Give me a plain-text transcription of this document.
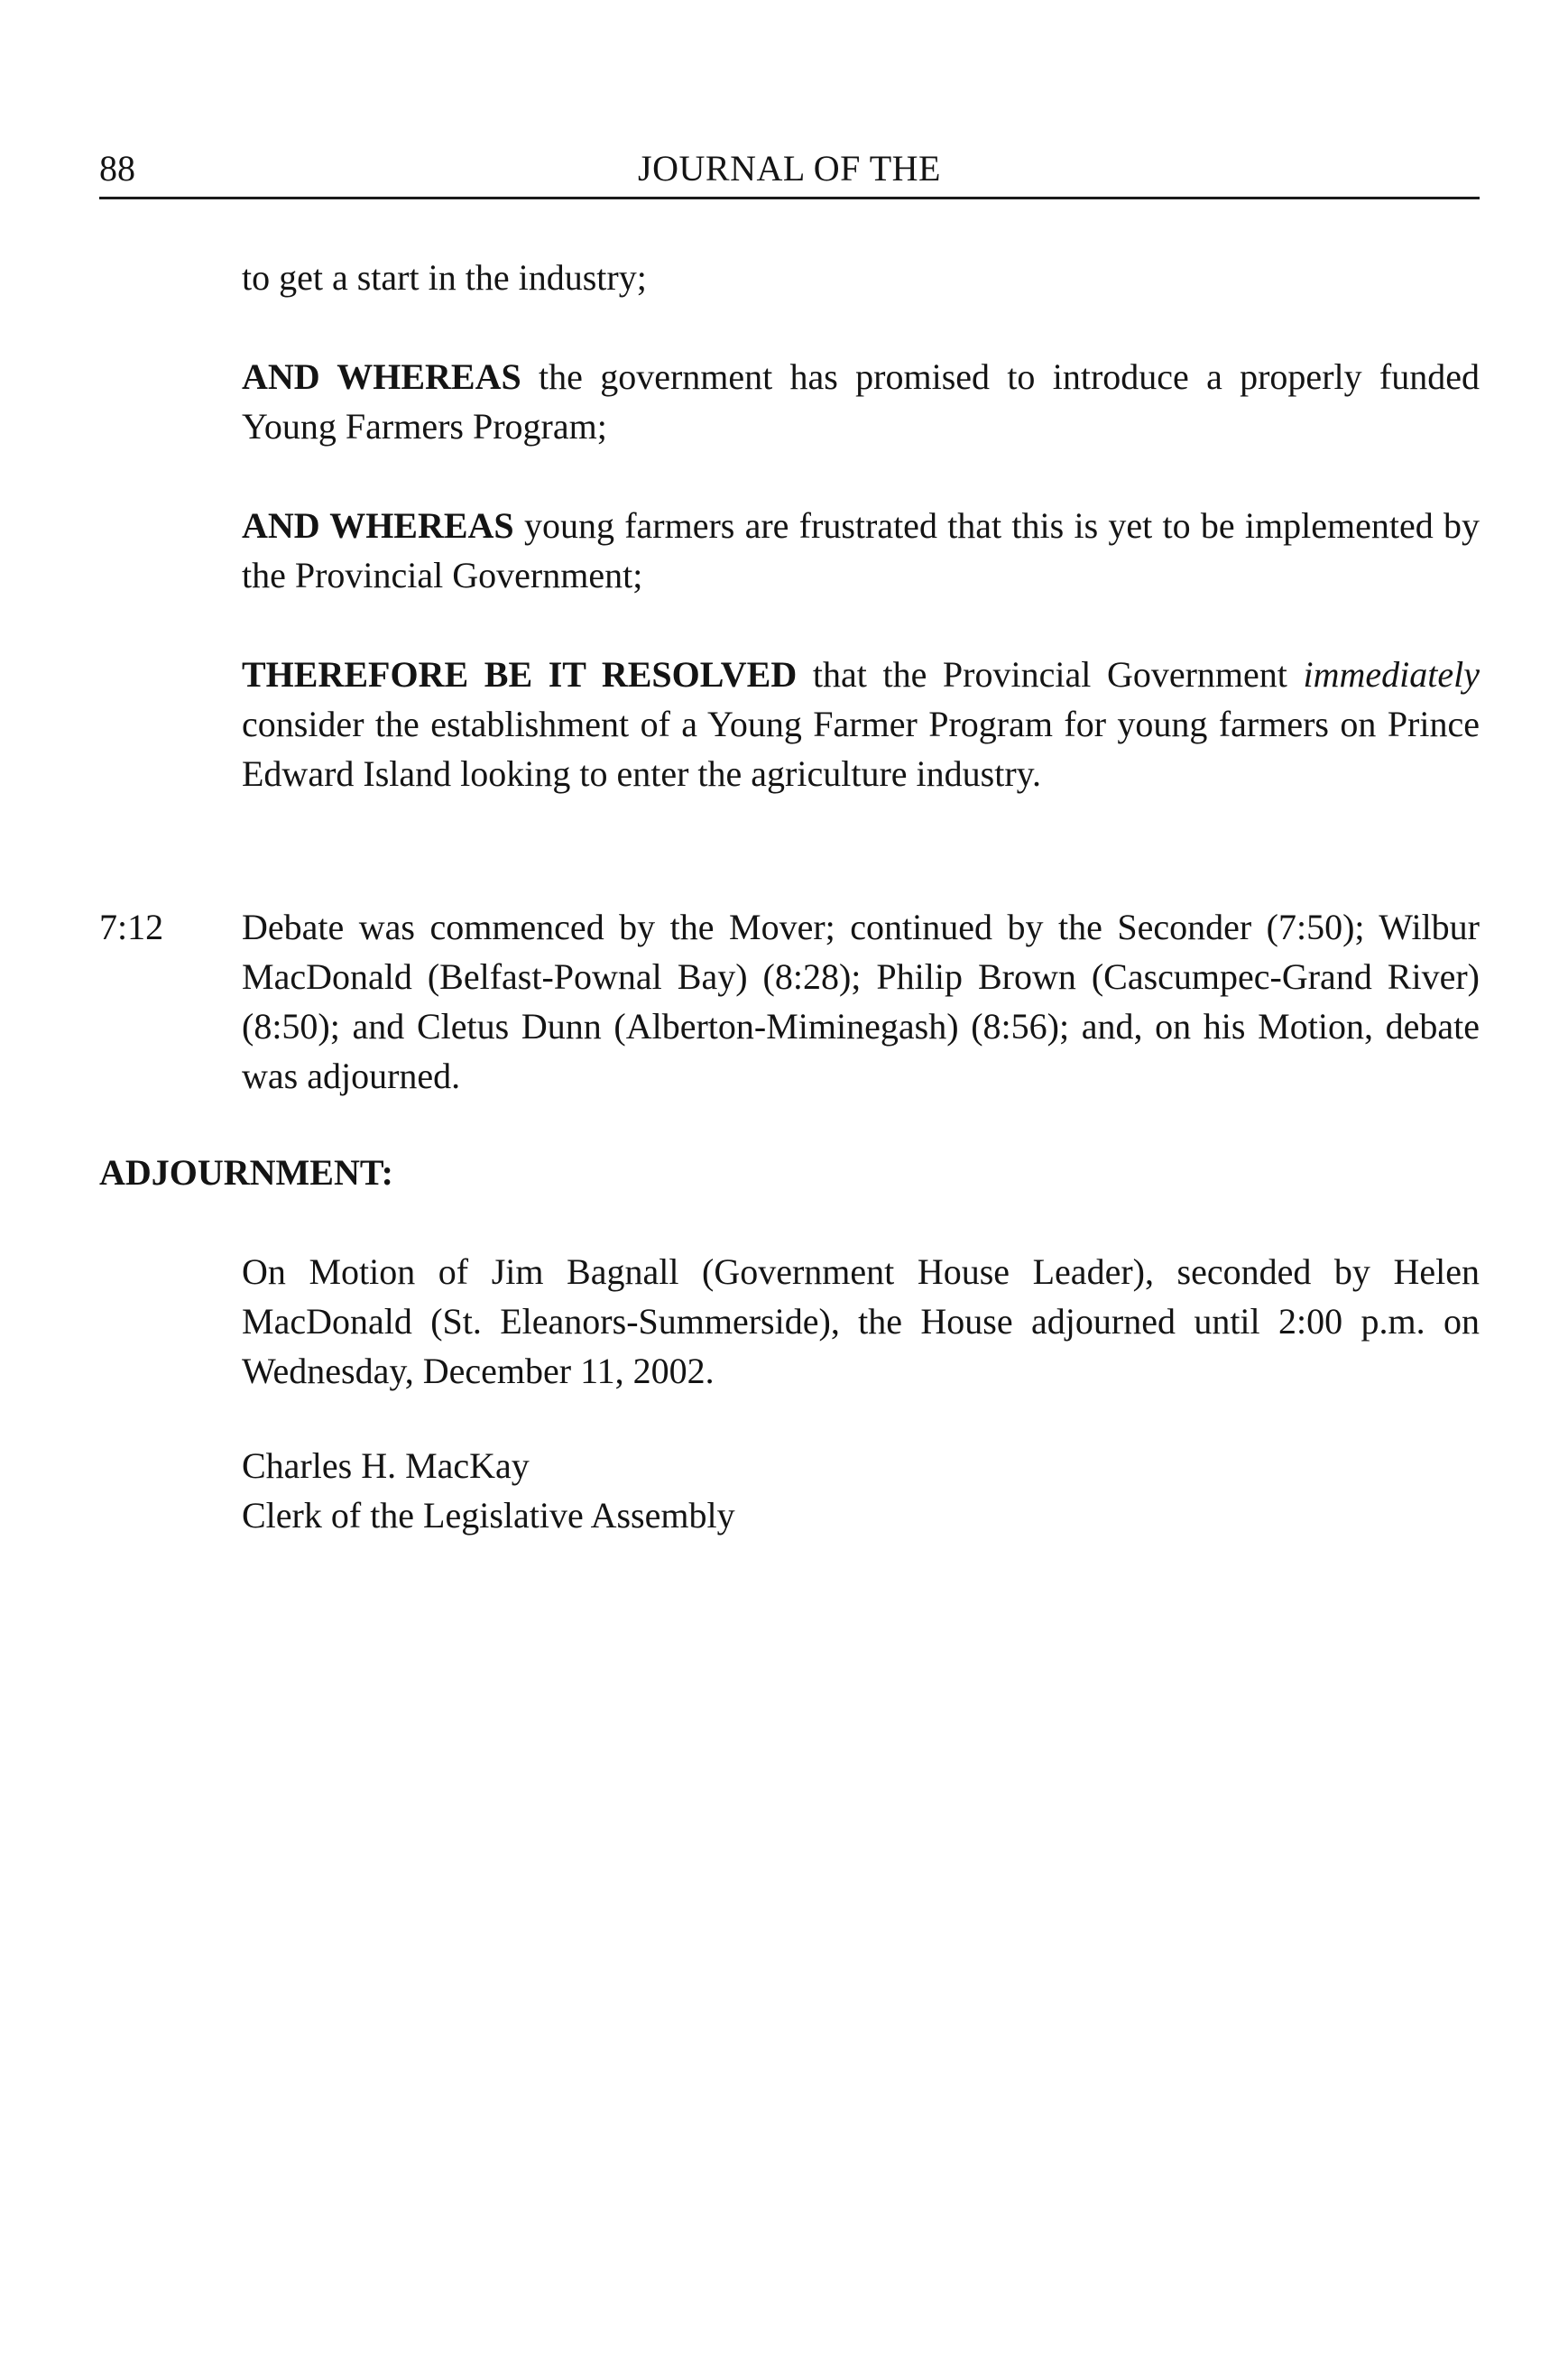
88	JOURNAL OF THE
to get a start in the industry;
AND WHEREAS the government has promised to introduce a properly funded Young Farmers Program;
AND WHEREAS young farmers are frustrated that this is yet to be implemented by the Provincial Government;
THEREFORE BE IT RESOLVED that the Provincial Government immediately consider the establishment of a Young Farmer Program for young farmers on Prince Edward Island looking to enter the agriculture industry.
7:12 Debate was commenced by the Mover; continued by the Seconder (7:50); Wilbur MacDonald (Belfast-Pownal Bay) (8:28); Philip Brown (Cascumpec-Grand River) (8:50); and Cletus Dunn (Alberton-Miminegash) (8:56); and, on his Motion, debate was adjourned.
ADJOURNMENT:
On Motion of Jim Bagnall (Government House Leader), seconded by Helen MacDonald (St. Eleanors-Summerside), the House adjourned until 2:00 p.m. on Wednesday, December 11, 2002.
Charles H. MacKay
Clerk of the Legislative Assembly
